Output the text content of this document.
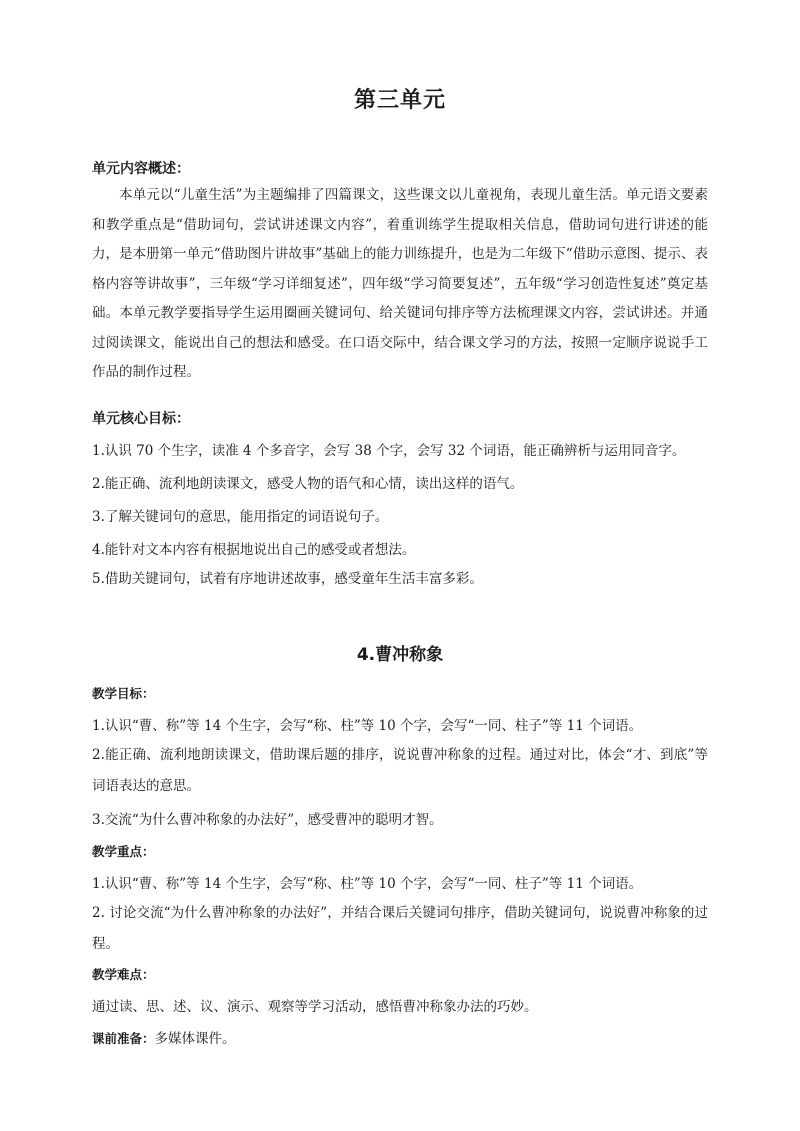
第三单元
单元内容概述：
本单元以“儿童生活”为主题编排了四篇课文，这些课文以儿童视角，表现儿童生活。单元语文要素和教学重点是“借助词句，尝试讲述课文内容”，着重训练学生提取相关信息，借助词句进行讲述的能力，是本册第一单元“借助图片讲故事”基础上的能力训练提升，也是为二年级下“借助示意图、提示、表格内容等讲故事”，三年级“学习详细复述”，四年级“学习简要复述”，五年级“学习创造性复述”奠定基础。本单元教学要指导学生运用圈画关键词句、给关键词句排序等方法梳理课文内容，尝试讲述。并通过阅读课文，能说出自己的想法和感受。在口语交际中，结合课文学习的方法，按照一定顺序说说手工作品的制作过程。
单元核心目标：
1.认识 70 个生字，读准 4 个多音字，会写 38 个字，会写 32 个词语，能正确辨析与运用同音字。
2.能正确、流利地朗读课文，感受人物的语气和心情，读出这样的语气。
3.了解关键词句的意思，能用指定的词语说句子。
4.能针对文本内容有根据地说出自己的感受或者想法。
5.借助关键词句，试着有序地讲述故事，感受童年生活丰富多彩。
4.曹冲称象
教学目标：
1.认识“曹、称”等 14 个生字，会写“称、柱”等 10 个字，会写“一同、柱子”等 11 个词语。
2.能正确、流利地朗读课文，借助课后题的排序，说说曹冲称象的过程。通过对比，体会“才、到底”等词语表达的意思。
3.交流“为什么曹冲称象的办法好”，感受曹冲的聪明才智。
教学重点：
1.认识“曹、称”等 14 个生字，会写“称、柱”等 10 个字，会写“一同、柱子”等 11 个词语。
2. 讨论交流“为什么曹冲称象的办法好”，并结合课后关键词句排序，借助关键词句，说说曹冲称象的过程。
教学难点：
通过读、思、述、议、演示、观察等学习活动，感悟曹冲称象办法的巧妙。
课前准备：多媒体课件。
